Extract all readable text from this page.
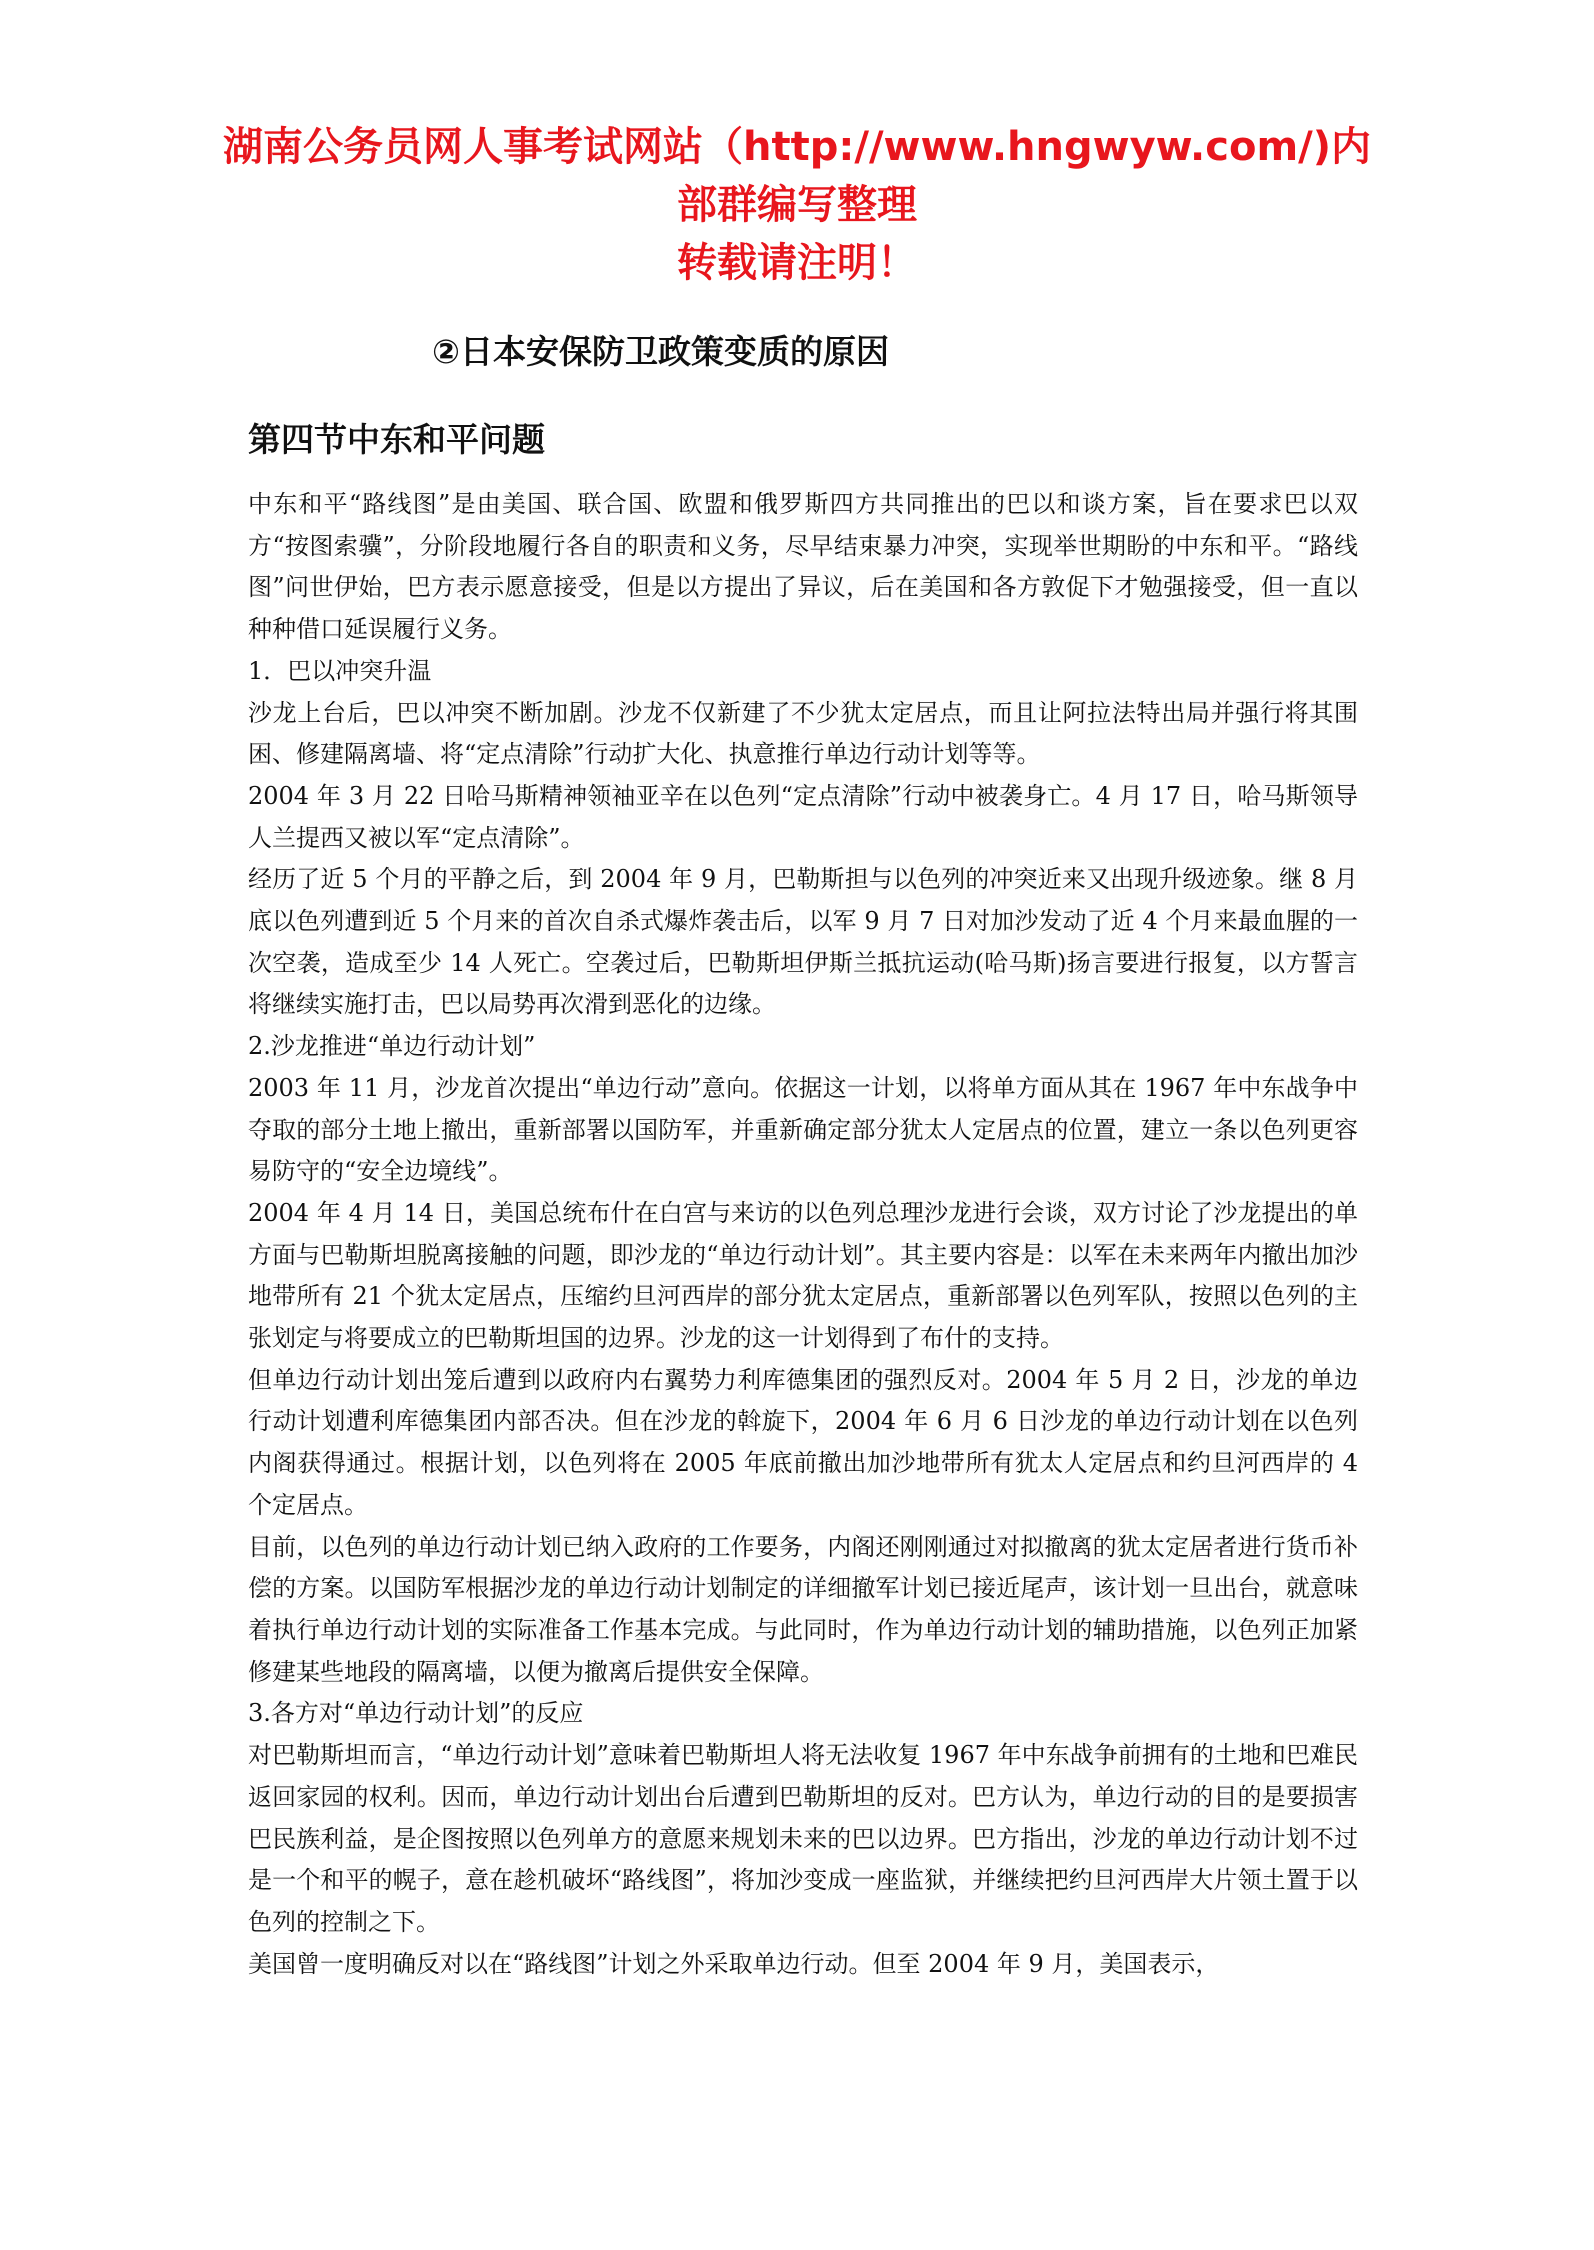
湖南公务员网人事考试网站（http://www.hngwyw.com/)内
部群编写整理
转载请注明！
②日本安保防卫政策变质的原因
第四节中东和平问题

中东和平“路线图”是由美国、联合国、欧盟和俄罗斯四方共同推出的巴以和谈方案，旨在要求巴以双方“按图索骥”，分阶段地履行各自的职责和义务，尽早结束暴力冲突，实现举世期盼的中东和平。“路线图”问世伊始，巴方表示愿意接受，但是以方提出了异议，后在美国和各方敦促下才勉强接受，但一直以种种借口延误履行义务。

1．巴以冲突升温

沙龙上台后，巴以冲突不断加剧。沙龙不仅新建了不少犹太定居点，而且让阿拉法特出局并强行将其围困、修建隔离墙、将“定点清除”行动扩大化、执意推行单边行动计划等等。

2004 年 3 月 22 日哈马斯精神领袖亚辛在以色列“定点清除”行动中被袭身亡。4 月 17 日，哈马斯领导人兰提西又被以军“定点清除”。

经历了近 5 个月的平静之后，到 2004 年 9 月，巴勒斯担与以色列的冲突近来又出现升级迹象。继 8 月底以色列遭到近 5 个月来的首次自杀式爆炸袭击后，以军 9 月 7 日对加沙发动了近 4 个月来最血腥的一次空袭，造成至少 14 人死亡。空袭过后，巴勒斯坦伊斯兰抵抗运动(哈马斯)扬言要进行报复，以方誓言将继续实施打击，巴以局势再次滑到恶化的边缘。

2.沙龙推进“单边行动计划”

2003 年 11 月，沙龙首次提出“单边行动”意向。依据这一计划，以将单方面从其在 1967 年中东战争中夺取的部分土地上撤出，重新部署以国防军，并重新确定部分犹太人定居点的位置，建立一条以色列更容易防守的“安全边境线”。

2004 年 4 月 14 日，美国总统布什在白宫与来访的以色列总理沙龙进行会谈，双方讨论了沙龙提出的单方面与巴勒斯坦脱离接触的问题，即沙龙的“单边行动计划”。其主要内容是：以军在未来两年内撤出加沙地带所有 21 个犹太定居点，压缩约旦河西岸的部分犹太定居点，重新部署以色列军队，按照以色列的主张划定与将要成立的巴勒斯坦国的边界。沙龙的这一计划得到了布什的支持。

但单边行动计划出笼后遭到以政府内右翼势力利库德集团的强烈反对。2004 年 5 月 2 日，沙龙的单边行动计划遭利库德集团内部否决。但在沙龙的斡旋下，2004 年 6 月 6 日沙龙的单边行动计划在以色列内阁获得通过。根据计划，以色列将在 2005 年底前撤出加沙地带所有犹太人定居点和约旦河西岸的 4 个定居点。

目前，以色列的单边行动计划已纳入政府的工作要务，内阁还刚刚通过对拟撤离的犹太定居者进行货币补偿的方案。以国防军根据沙龙的单边行动计划制定的详细撤军计划已接近尾声，该计划一旦出台，就意味着执行单边行动计划的实际准备工作基本完成。与此同时，作为单边行动计划的辅助措施，以色列正加紧修建某些地段的隔离墙，以便为撤离后提供安全保障。

3.各方对“单边行动计划”的反应

对巴勒斯坦而言，“单边行动计划”意味着巴勒斯坦人将无法收复 1967 年中东战争前拥有的土地和巴难民返回家园的权利。因而，单边行动计划出台后遭到巴勒斯坦的反对。巴方认为，单边行动的目的是要损害巴民族利益，是企图按照以色列单方的意愿来规划未来的巴以边界。巴方指出，沙龙的单边行动计划不过是一个和平的幌子，意在趁机破坏“路线图”，将加沙变成一座监狱，并继续把约旦河西岸大片领土置于以色列的控制之下。

美国曾一度明确反对以在“路线图”计划之外采取单边行动。但至 2004 年 9 月，美国表示，
